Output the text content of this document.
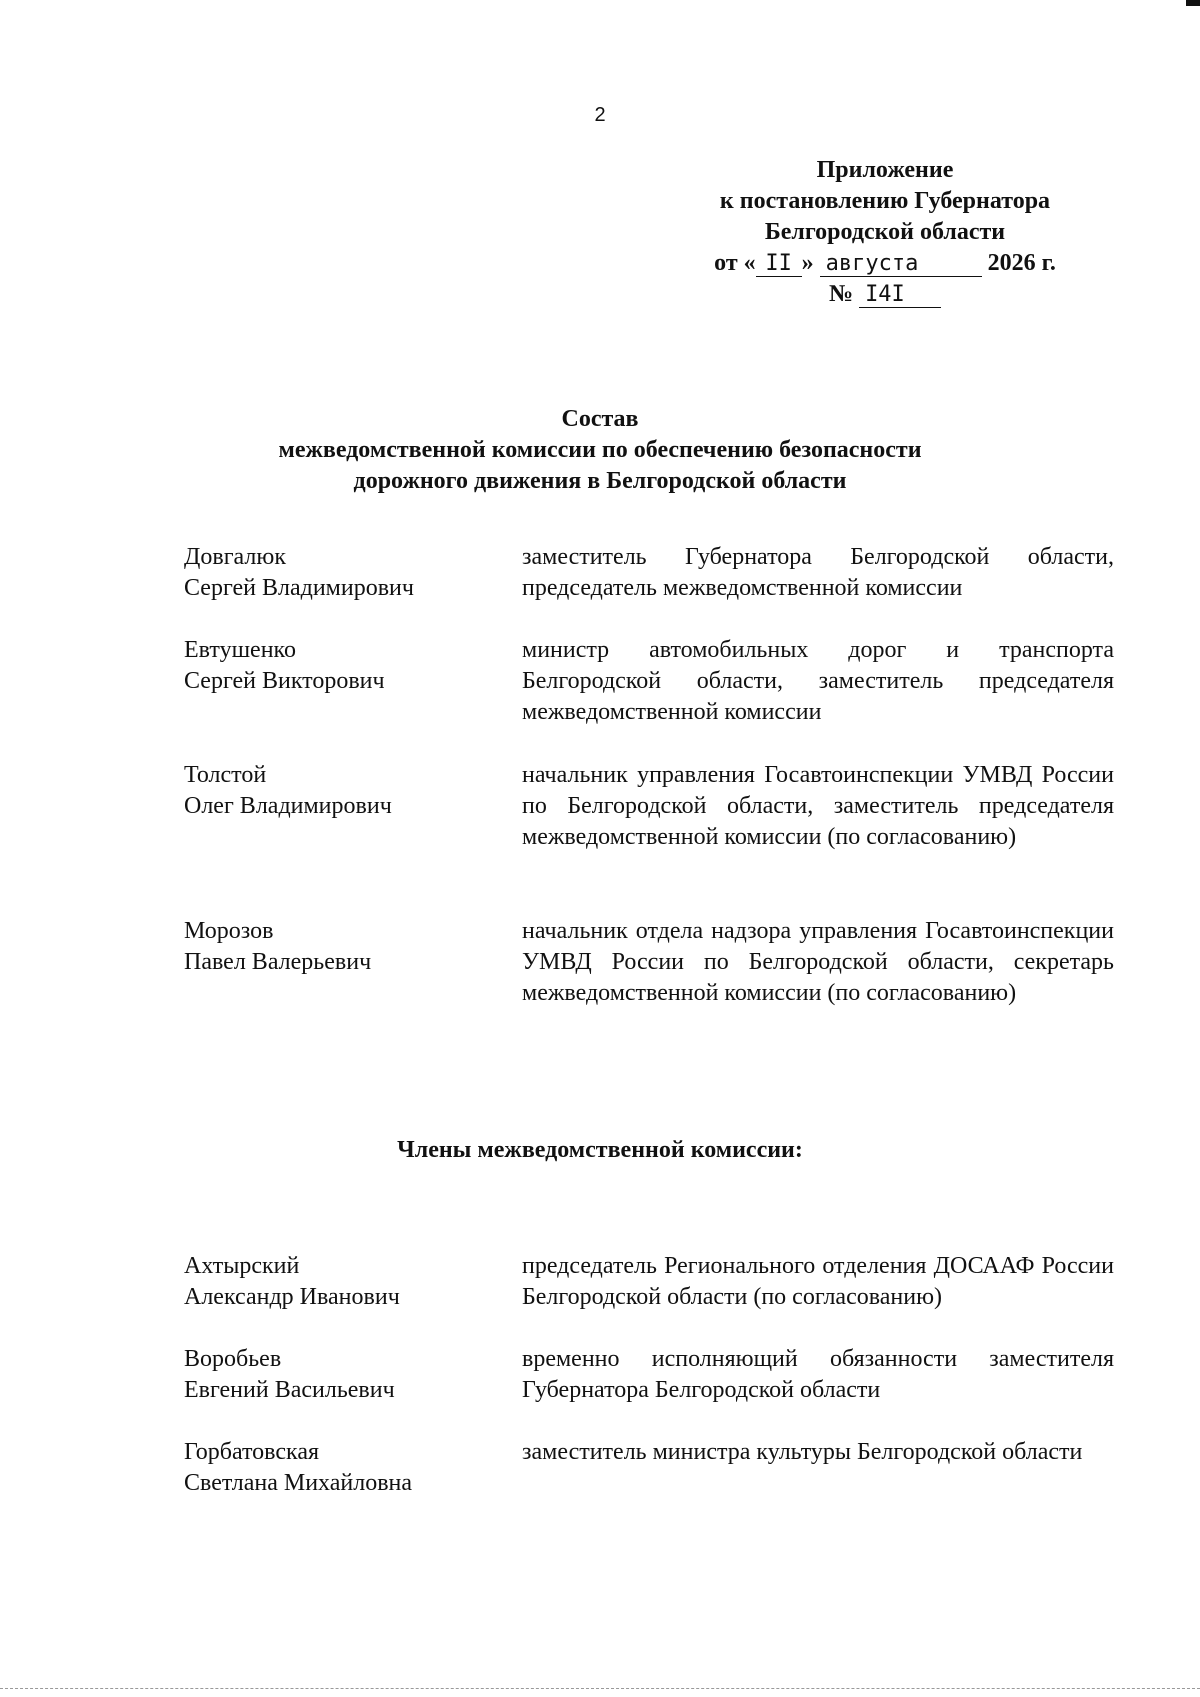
2
Приложение
к постановлению Губернатора
Белгородской области
от « II » августа	2026 г.
№ I4I
Состав
межведомственной комиссии по обеспечению безопасности
дорожного движения в Белгородской области
Довгалюк
Сергей Владимирович
заместитель Губернатора Белгородской области, председатель межведомственной комиссии
Евтушенко
Сергей Викторович
министр автомобильных дорог и транспорта Белгородской области, заместитель председателя межведомственной комиссии
Толстой
Олег Владимирович
начальник управления Госавтоинспекции УМВД России по Белгородской области, заместитель председателя межведомственной комиссии (по согласованию)
Морозов
Павел Валерьевич
начальник отдела надзора управления Госавтоинспекции УМВД России по Белгородской области, секретарь межведомственной комиссии (по согласованию)
Члены межведомственной комиссии:
Ахтырский
Александр Иванович
председатель Регионального отделения ДОСААФ России Белгородской области (по согласованию)
Воробьев
Евгений Васильевич
временно исполняющий обязанности заместителя Губернатора Белгородской области
Горбатовская
Светлана Михайловна
заместитель министра культуры Белгородской области
